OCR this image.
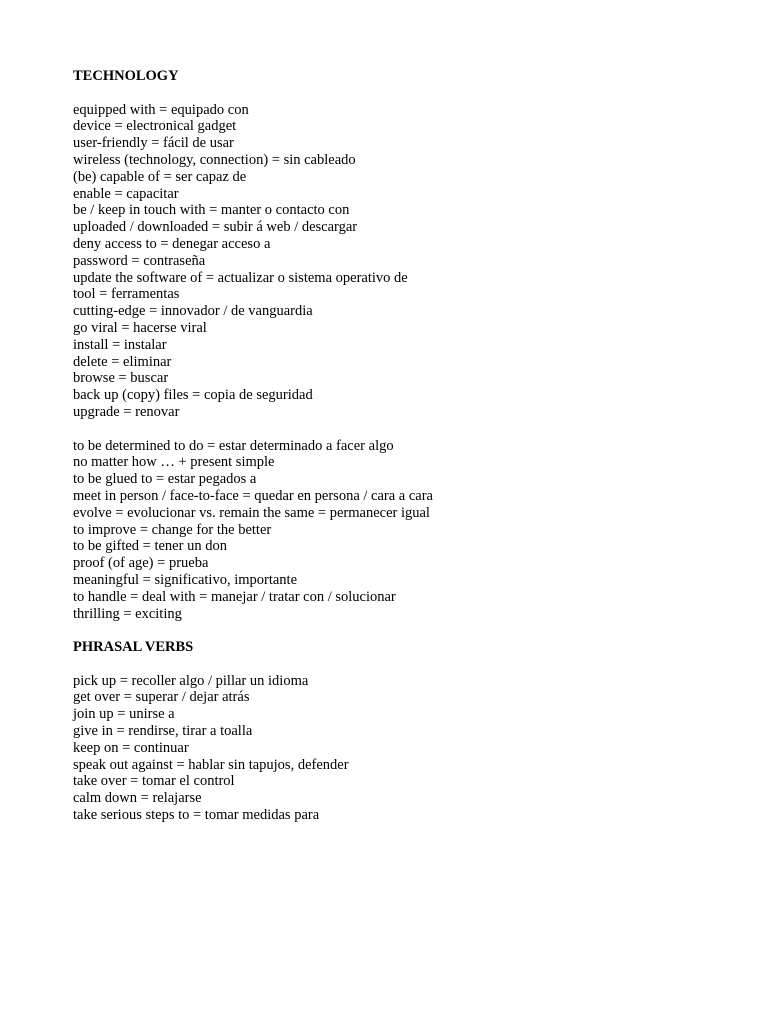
TECHNOLOGY
equipped with = equipado con
device = electronical gadget
user-friendly = fácil de usar
wireless (technology, connection) = sin cableado
(be) capable of = ser capaz de
enable = capacitar
be / keep in touch with = manter o contacto con
uploaded / downloaded = subir á web / descargar
deny access to = denegar acceso a
password = contraseña
update the software of = actualizar o sistema operativo de
tool = ferramentas
cutting-edge = innovador / de vanguardia
go viral = hacerse viral
install = instalar
delete = eliminar
browse = buscar
back up (copy) files = copia de seguridad
upgrade = renovar
to be determined to do = estar determinado a facer algo
no matter how … + present simple
to be glued to = estar pegados a
meet in person / face-to-face = quedar en persona / cara a cara
evolve = evolucionar vs. remain the same = permanecer igual
to improve = change for the better
to be gifted = tener un don
proof (of age) = prueba
meaningful = significativo, importante
to handle = deal with = manejar / tratar con / solucionar
thrilling = exciting
PHRASAL VERBS
pick up = recoller algo / pillar un idioma
get over = superar / dejar atrás
join up = unirse a
give in = rendirse, tirar a toalla
keep on = continuar
speak out against = hablar sin tapujos, defender
take over = tomar el control
calm down = relajarse
take serious steps to = tomar medidas para
